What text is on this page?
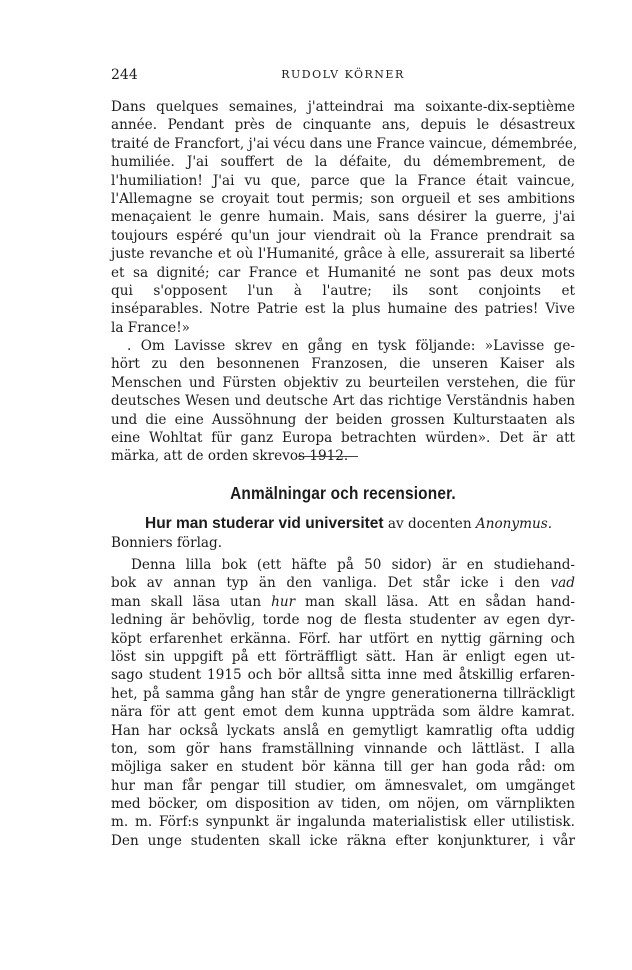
244	RUDOLV KÖRNER
Dans quelques semaines, j'atteindrai ma soixante-dix-septième
année. Pendant près de cinquante ans, depuis le désastreux
traité de Francfort, j'ai vécu dans une France vaincue, démembrée,
humiliée. J'ai souffert de la défaite, du démembrement, de
l'humiliation! J'ai vu que, parce que la France était vaincue,
l'Allemagne se croyait tout permis; son orgueil et ses ambitions
menaçaient le genre humain. Mais, sans désirer la guerre, j'ai
toujours espéré qu'un jour viendrait où la France prendrait sa
juste revanche et où l'Humanité, grâce à elle, assurerait sa liberté
et sa dignité; car France et Humanité ne sont pas deux mots
qui s'opposent l'un à l'autre; ils sont conjoints et
inséparables. Notre Patrie est la plus humaine des patries! Vive
la France!»
. Om Lavisse skrev en gång en tysk följande: »Lavisse ge-
hört zu den besonnenen Franzosen, die unseren Kaiser als
Menschen und Fürsten objektiv zu beurteilen verstehen, die für
deutsches Wesen und deutsche Art das richtige Verständnis haben
und die eine Aussöhnung der beiden grossen Kulturstaaten als
eine Wohltat für ganz Europa betrachten würden». Det är att
märka, att de orden skrevos 1912.
Anmälningar och recensioner.
Hur man studerar vid universitet av docenten Anonymus.
Bonniers förlag.
Denna lilla bok (ett häfte på 50 sidor) är en studiehand-
bok av annan typ än den vanliga. Det står icke i den vad
man skall läsa utan hur man skall läsa. Att en sådan hand-
ledning är behövlig, torde nog de flesta studenter av egen dyr-
köpt erfarenhet erkänna. Förf. har utfört en nyttig gärning och
löst sin uppgift på ett förträffligt sätt. Han är enligt egen ut-
sago student 1915 och bör alltså sitta inne med åtskillig erfaren-
het, på samma gång han står de yngre generationerna tillräckligt
nära för att gent emot dem kunna uppträda som äldre kamrat.
Han har också lyckats anslå en gemytligt kamratlig ofta uddig
ton, som gör hans framställning vinnande och lättläst. I alla
möjliga saker en student bör känna till ger han goda råd: om
hur man får pengar till studier, om ämnesvalet, om umgänget
med böcker, om disposition av tiden, om nöjen, om värnplikten
m. m. Förf:s synpunkt är ingalunda materialistisk eller utilistisk.
Den unge studenten skall icke räkna efter konjunkturer, i vår
